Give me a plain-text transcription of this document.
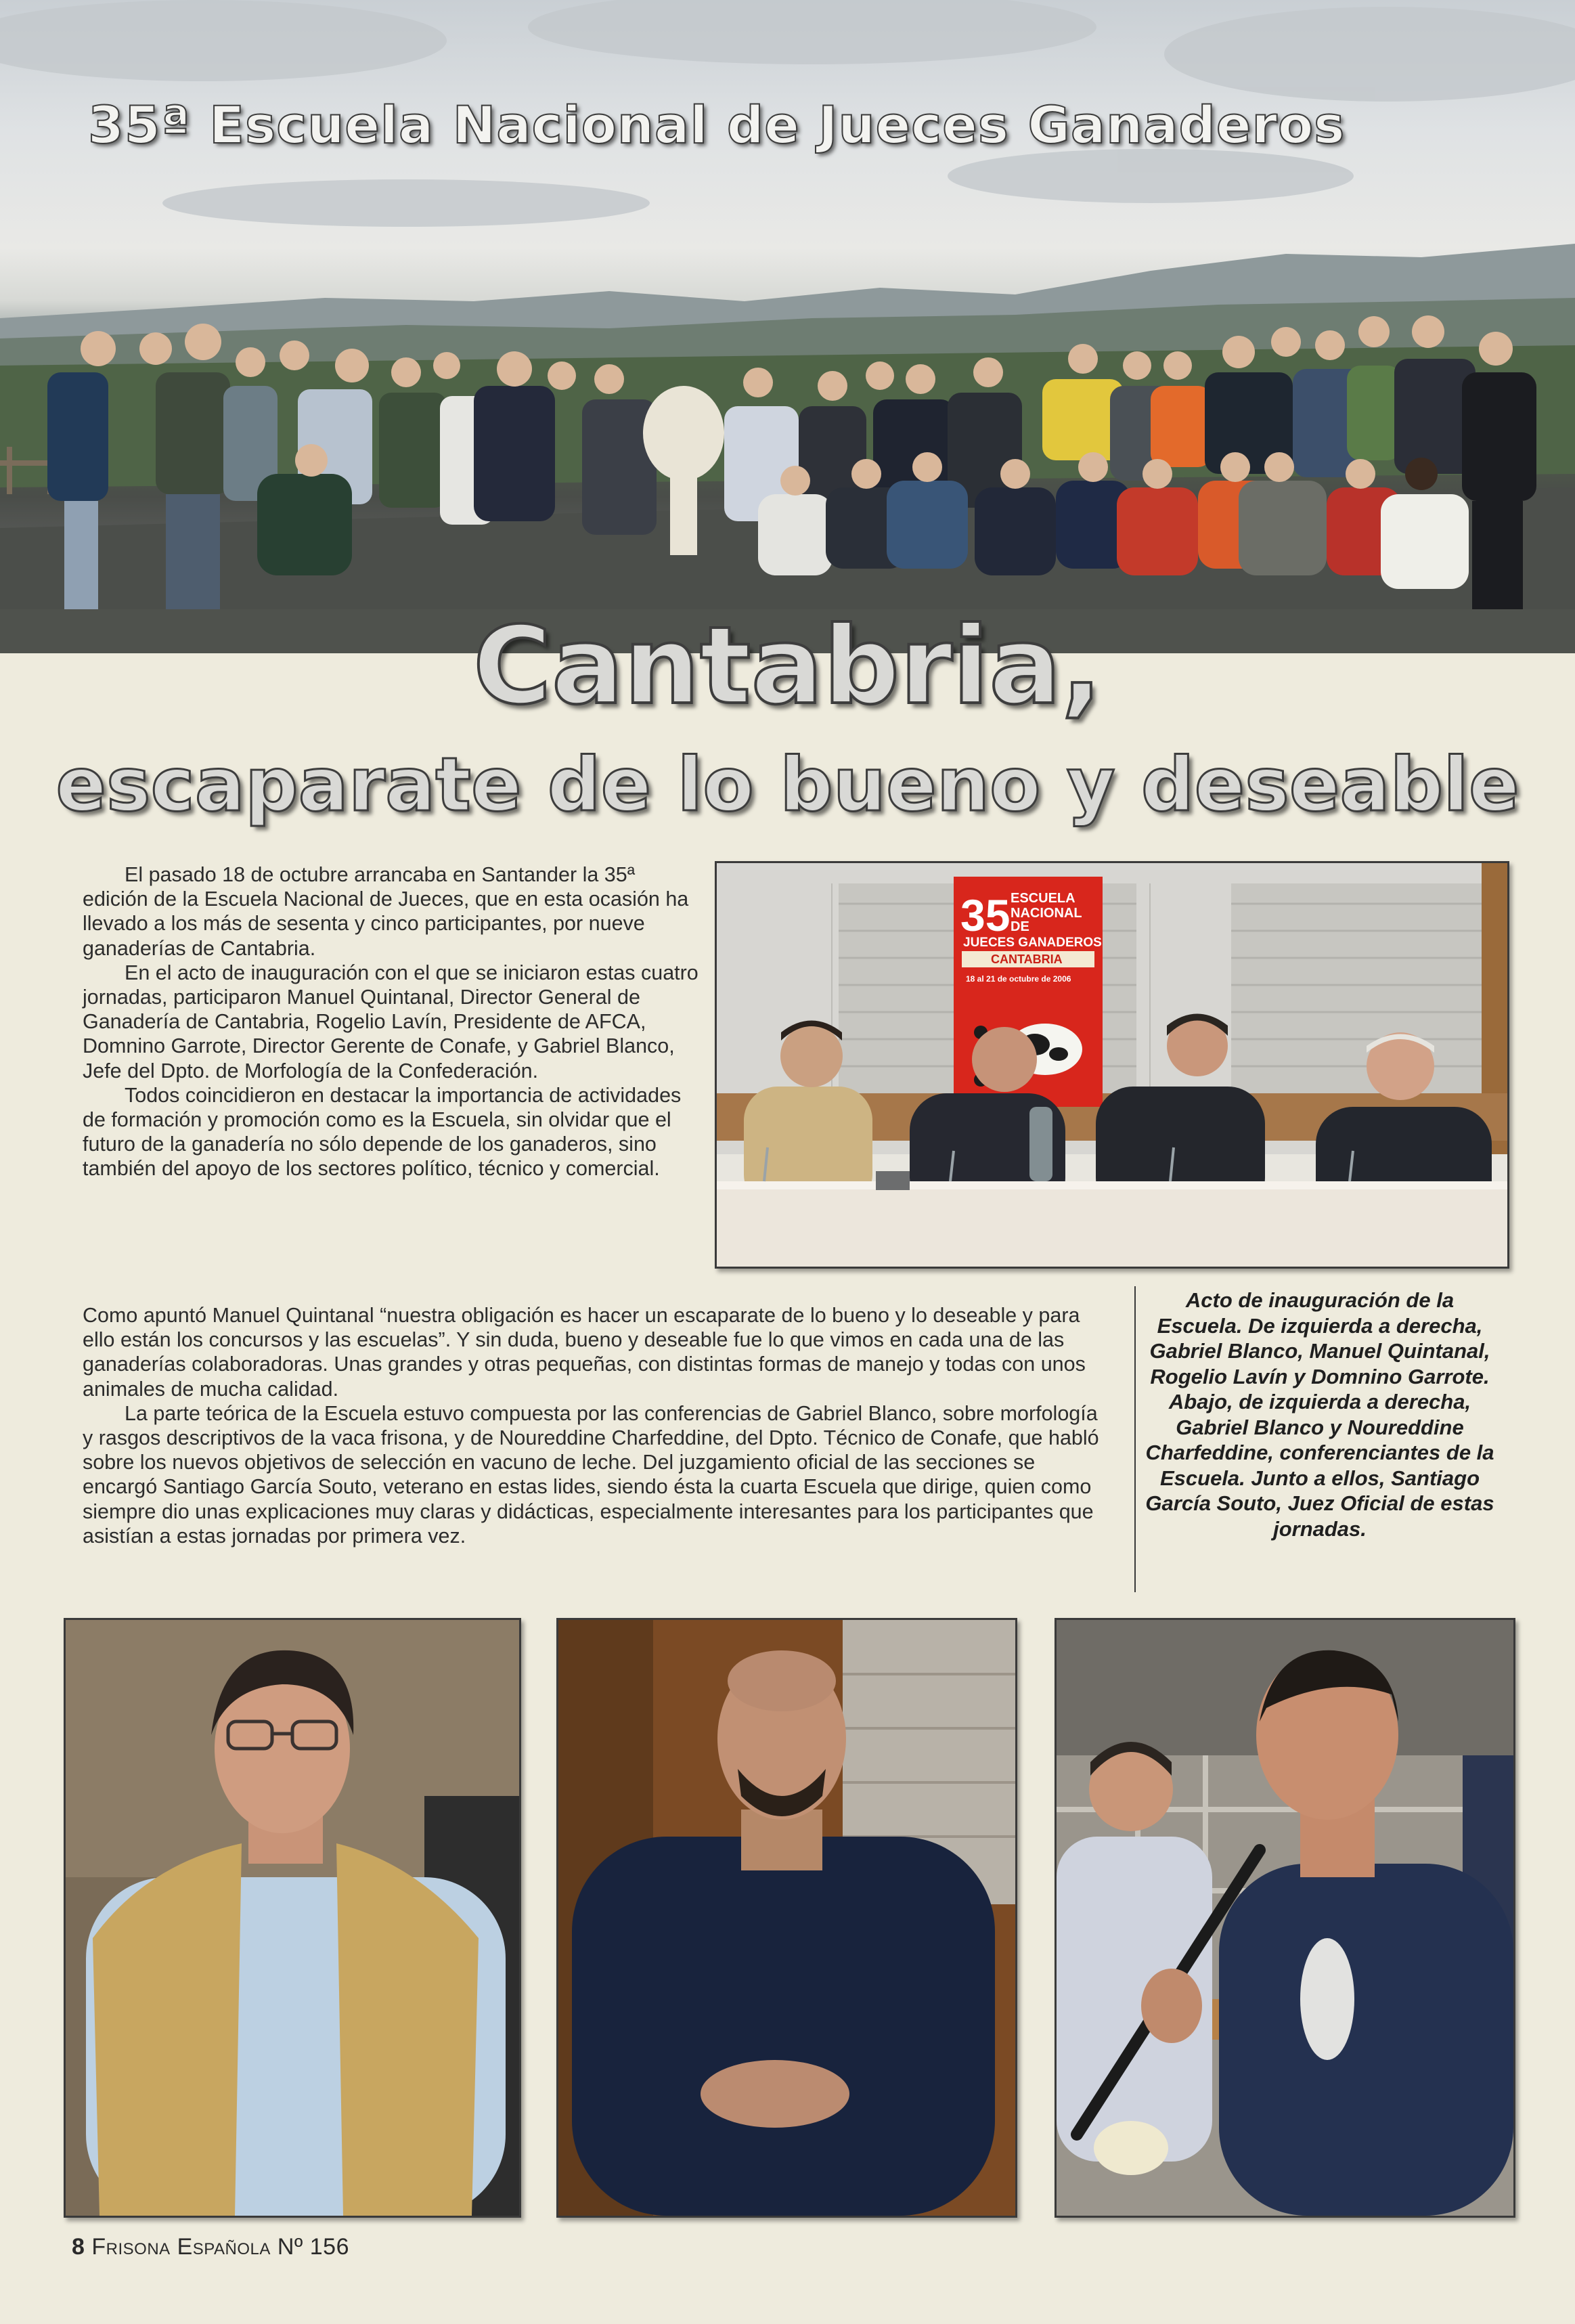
35ª Escuela Nacional de Jueces Ganaderos
Cantabria,
escaparate de lo bueno y deseable

El pasado 18 de octubre arrancaba en Santander la 35ª edición de la Escuela Nacional de Jueces, que en esta ocasión ha llevado a los más de sesenta y cinco participantes, por nueve ganaderías de Cantabria.

En el acto de inauguración con el que se iniciaron estas cuatro jornadas, participaron Manuel Quintanal, Director General de Ganadería de Cantabria, Rogelio Lavín, Presidente de AFCA, Domnino Garrote, Director Gerente de Conafe, y Gabriel Blanco, Jefe del Dpto. de Morfología de la Confederación.

Todos coincidieron en destacar la importancia de actividades de formación y promoción como es la Escuela, sin olvidar que el futuro de la ganadería no sólo depende de los ganaderos, sino también del apoyo de los sectores político, técnico y comercial.

35 ESCUELA
NACIONAL
DE
JUECES GANADEROS
CANTABRIA
18 al 21 de octubre de 2006
Acto de inauguración de la Escuela. De izquierda a derecha, Gabriel Blanco, Manuel Quintanal, Rogelio Lavín y Domnino Garrote. Abajo, de izquierda a derecha, Gabriel Blanco y Noureddine Charfeddine, conferenciantes de la Escuela. Junto a ellos, Santiago García Souto, Juez Oficial de estas jornadas.

Como apuntó Manuel Quintanal “nuestra obligación es hacer un escaparate de lo bueno y lo deseable y para ello están los concursos y las escuelas”. Y sin duda, bueno y deseable fue lo que vimos en cada una de las ganaderías colaboradoras. Unas grandes y otras pequeñas, con distintas formas de manejo y todas con unos animales de mucha calidad.

La parte teórica de la Escuela estuvo compuesta por las conferencias de Gabriel Blanco, sobre morfología y rasgos descriptivos de la vaca frisona, y de Noureddine Charfeddine, del Dpto. Técnico de Conafe, que habló sobre los nuevos objetivos de selección en vacuno de leche. Del juzgamiento oficial de las secciones se encargó Santiago García Souto, veterano en estas lides, siendo ésta la cuarta Escuela que dirige, quien como siempre dio unas explicaciones muy claras y didácticas, especialmente interesantes para los participantes que asistían a estas jornadas por primera vez.

8 Frisona Española Nº 156
